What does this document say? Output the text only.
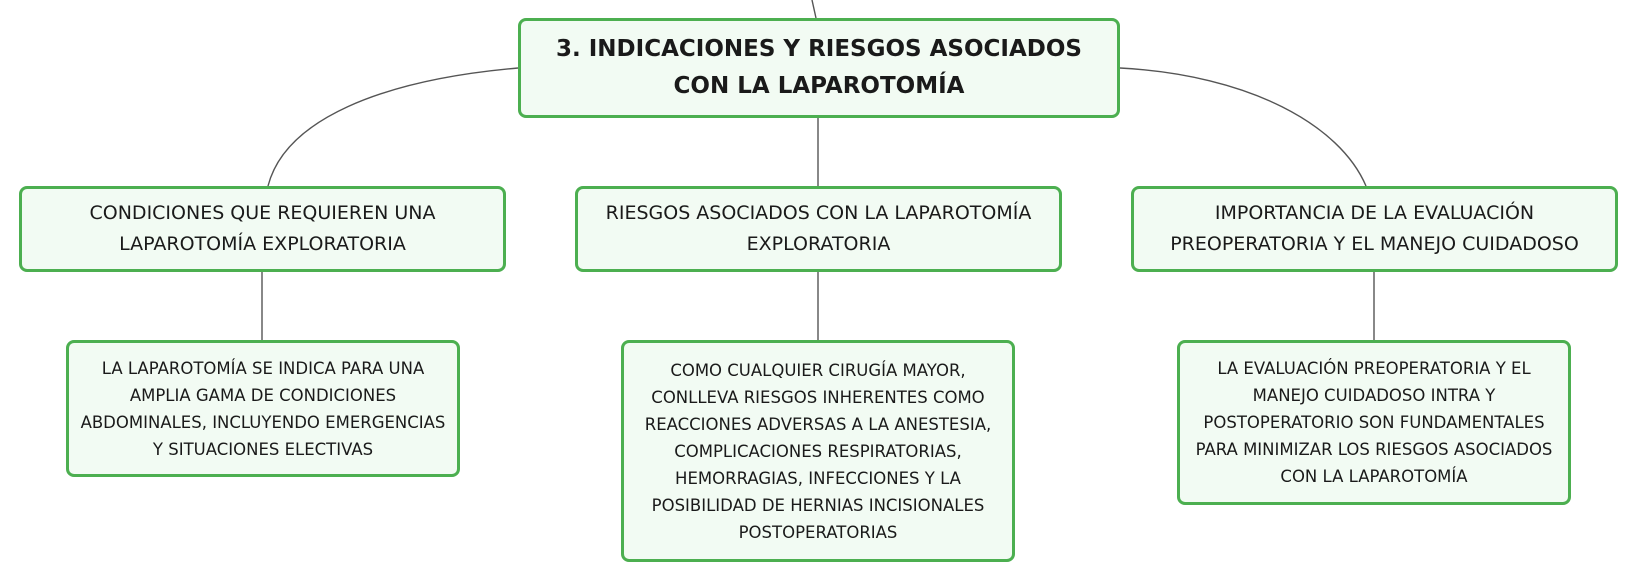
3. INDICACIONES Y RIESGOS ASOCIADOS CON LA LAPAROTOMÍA
CONDICIONES QUE REQUIEREN UNA LAPAROTOMÍA EXPLORATORIA
RIESGOS ASOCIADOS CON LA LAPAROTOMÍA EXPLORATORIA
IMPORTANCIA DE LA EVALUACIÓN PREOPERATORIA Y EL MANEJO CUIDADOSO
LA LAPAROTOMÍA SE INDICA PARA UNA AMPLIA GAMA DE CONDICIONES ABDOMINALES, INCLUYENDO EMERGENCIAS Y SITUACIONES ELECTIVAS
COMO CUALQUIER CIRUGÍA MAYOR, CONLLEVA RIESGOS INHERENTES COMO REACCIONES ADVERSAS A LA ANESTESIA, COMPLICACIONES RESPIRATORIAS, HEMORRAGIAS, INFECCIONES Y LA POSIBILIDAD DE HERNIAS INCISIONALES POSTOPERATORIAS
LA EVALUACIÓN PREOPERATORIA Y EL MANEJO CUIDADOSO INTRA Y POSTOPERATORIO SON FUNDAMENTALES PARA MINIMIZAR LOS RIESGOS ASOCIADOS CON LA LAPAROTOMÍA
